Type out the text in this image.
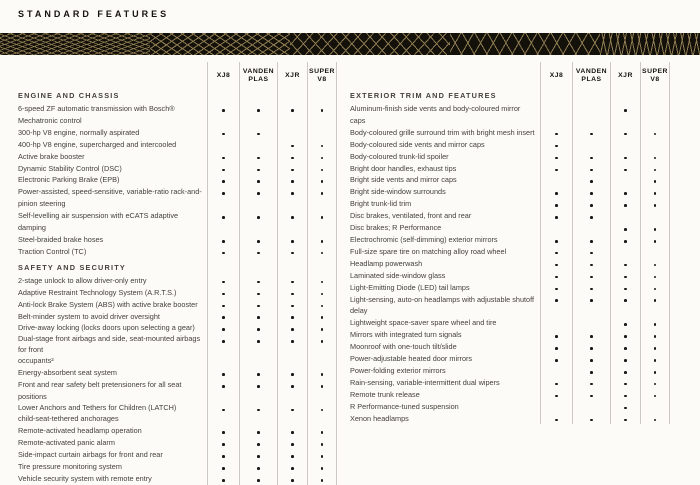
STANDARD FEATURES
XJ8
VANDEN PLAS
XJR
SUPER V8
ENGINE AND CHASSIS
6-speed ZF automatic transmission with Bosch® Mechatronic control
300-hp V8 engine, normally aspirated
400-hp V8 engine, supercharged and intercooled
Active brake booster
Dynamic Stability Control (DSC)
Electronic Parking Brake (EPB)
Power-assisted, speed-sensitive, variable-ratio rack-and-pinion steering
Self-levelling air suspension with eCATS adaptive damping
Steel-braided brake hoses
Traction Control (TC)
SAFETY AND SECURITY
2-stage unlock to allow driver-only entry
Adaptive Restraint Technology System (A.R.T.S.)
Anti-lock Brake System (ABS) with active brake booster
Belt-minder system to avoid driver oversight
Drive-away locking (locks doors upon selecting a gear)
Dual-stage front airbags and side, seat-mounted airbags for front
occupants²
Energy-absorbent seat system
Front and rear safety belt pretensioners for all seat positions
Lower Anchors and Tethers for Children (LATCH)
child-seat-tethered anchorages
Remote-activated headlamp operation
Remote-activated panic alarm
Side-impact curtain airbags for front and rear
Tire pressure monitoring system
Vehicle security system with remote entry
XJ8
VANDEN PLAS
XJR
SUPER V8
EXTERIOR TRIM AND FEATURES
Aluminum-finish side vents and body-coloured mirror caps
Body-coloured grille surround trim with bright mesh insert
Body-coloured side vents and mirror caps
Body-coloured trunk-lid spoiler
Bright door handles, exhaust tips
Bright side vents and mirror caps
Bright side-window surrounds
Bright trunk-lid trim
Disc brakes, ventilated, front and rear
Disc brakes; R Performance
Electrochromic (self-dimming) exterior mirrors
Full-size spare tire on matching alloy road wheel
Headlamp powerwash
Laminated side-window glass
Light-Emitting Diode (LED) tail lamps
Light-sensing, auto-on headlamps with adjustable shutoff delay
Lightweight space-saver spare wheel and tire
Mirrors with integrated turn signals
Moonroof with one-touch tilt/slide
Power-adjustable heated door mirrors
Power-folding exterior mirrors
Rain-sensing, variable-intermittent dual wipers
Remote trunk release
R Performance-tuned suspension
Xenon headlamps
